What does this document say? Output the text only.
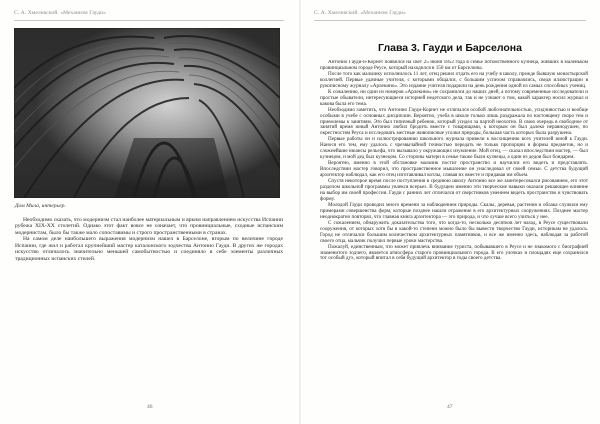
С. А. Хмелевский. «Механизм Гауди»
Дом Мила, интерьер.

Необходимо сказать, что модернизм стал наиболее материальным и ярким направлением искусства Испании рубежа XIX-XX столетий. Однако этот факт вовсе не означает, что провинциальные, сходные испанским модернистам, было бы также мало сопоставимы и строго пространственными в странах.

На самом деле наибольшего выражения модернизм нашел в Барселоне, вторым по величине городе Испании, где жил и работал крупнейший мастер каталонского зодчества Антонио Гауди. В других же городах искусство отличалось значительно меньшей самобытностью и соединяло в себе элементы различных традиционных испанских стилей.

46
С. А. Хмелевский. «Механизм Гауди»
Глава 3. Гауди и Барселона

Антонио Гауди-и-Корнет появился на свет 25 июня 1852 года в семье потомственного кузнеца, живших в маленьком провинциальном городе Реусе, который находился в 150 км от Барселоны.

После того как мальчику исполнилось 11 лет, отец решил отдать его на учебу в школу, прежде бывшую монастырской коллегией. Первые удачные учителя, с которыми общался, с большим успехом справлялись, сведя иллюстрации в рукописному журналу «Арлекино». Это издание учителя подарили на день рождения одной из самых способных учениц.

К сожалению, ни один из номеров «Арлекино» не сохранился до наших дней, а потому современные исследователи и простые обыватели, интересующиеся историей недетского дела, так и не узнают о том, какой характер носил журнал и какова была его тема.

Необходимо заметить, что Антонио Гауди-Корнет не отличался особой любознательностью, усидчивостью и вообще особыми в учебе с основных дисциплин. Вероятно, учеба в школе только лишь раздражала по настоящему скоро тем и приемлемы к занятиям. Это был типичный ребенок, который усидел за партой неохотно. В свою очередь в свободное от занятий время юный Антонио любил бродить вместе с товарищами, к которым он был далеко неравнодушен, по окрестностям Реуса и исследовать местные живописные уголки природы, большая часть которых была разрушена.

Первые работы он и иллюстрированию школьного журнала привели к восхищению всех учителей юной к Гауди. Нанося его тем, ему удалось с чрезвычайной точностью передать не только пропорции и формы предметов, но и сложнейшие нюансы рельефа, что вызывало у окружающих изумление. Мой отец, — сказал впоследствии мастер, — был кузнецом, и мой дед был кузнецом. Со стороны матери в семье также были кузнецы, а один из дедов был бондарем.

Вероятно, именно в этой обстановке мальчик постиг пространство и научился его видеть и представлять. Впоследствии мастер говорил, что пространственное мышление он унаследовал от своей семьи. С детства будущий архитектор наблюдал, как его отец изготавливал котлы, сливая их вместе и придавая им объем.

Спустя некоторое время после поступления в среднюю школу Антонио все же заинтересовался рисованием, его этот разделом школьной программы увлекся всерьез. В будущем именно эти творческие навыки оказали решающее влияние на выбор им своей профессии. Гауди с ранних лет отличался от сверстников умением видеть пространство и чувствовать форму.

Молодой Гауди проводил много времени за наблюдением природы. Скалы, деревья, растения и облака служили ему примерами совершенства форм, которые позднее нашли отражение в его архитектурных сооружениях. Позднее мастер неоднократно повторял, что главная книга архитектора — это природа, и что лучше всего учиться у нее.

С сожалением, обнаружить доказательства того, что когда-то, несколько десятков лет назад, в Реусе существовали сооружения, от которых хотя бы в какой-то степени можно было бы вывести творчество Гауди, историкам не удалось. Город не отличался большим количеством архитектурных памятников, и все же именно здесь, наблюдая за работой своего отца, мальчик получил первые уроки мастерства.

Пожалуй, единственным, что может привлечь внимание туриста, побывавшего в Реусе и не знакомого с биографией знаменитого зодчего, является атмосфера старого провинциального города. В его улочках и площадях еще сохранился тот особый дух, который впитал в себя будущий архитектор в годы своего детства.

47
